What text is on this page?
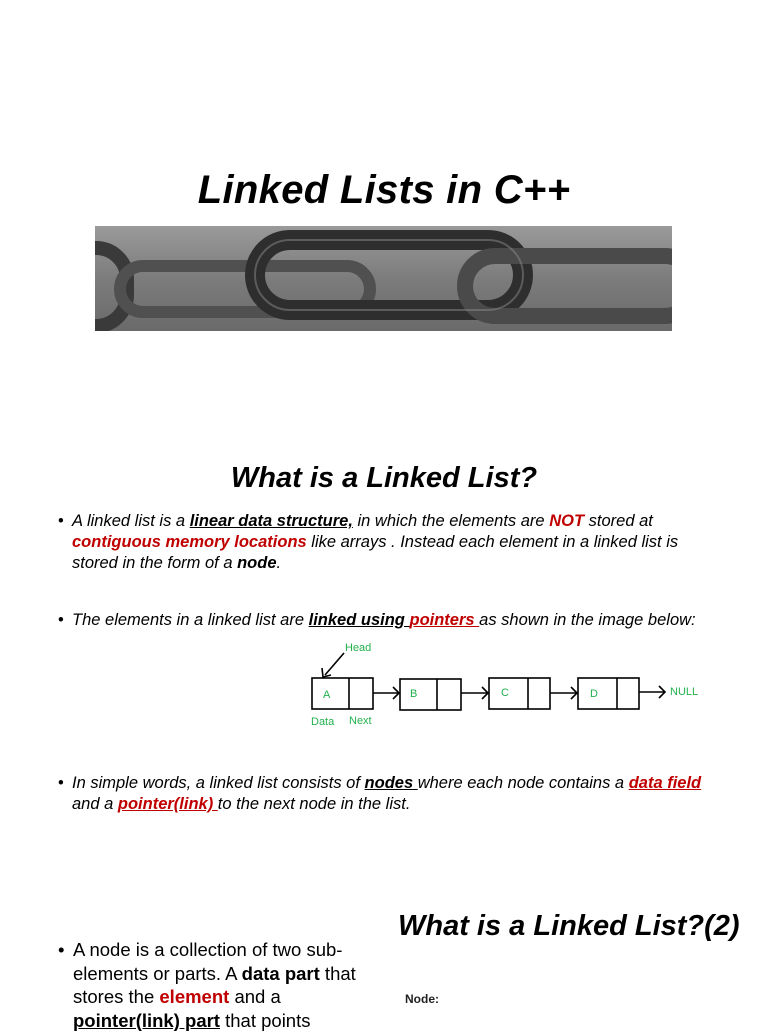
Linked Lists in C++
What is a Linked List?
• A linked list is a linear data structure, in which the elements are NOT stored at contiguous memory locations like arrays . Instead each element in a linked list is stored in the form of a node.
• The elements in a linked list are linked using pointers as shown in the image below:
Head
Data Next
NULL
A	B	C	D
• In simple words, a linked list consists of nodes where each node contains a data field and a pointer(link) to the next node in the list.
What is a Linked List?(2)
• A node is a collection of two sub-elements or parts. A data part that stores the element and a pointer(link) part that points
Node:
